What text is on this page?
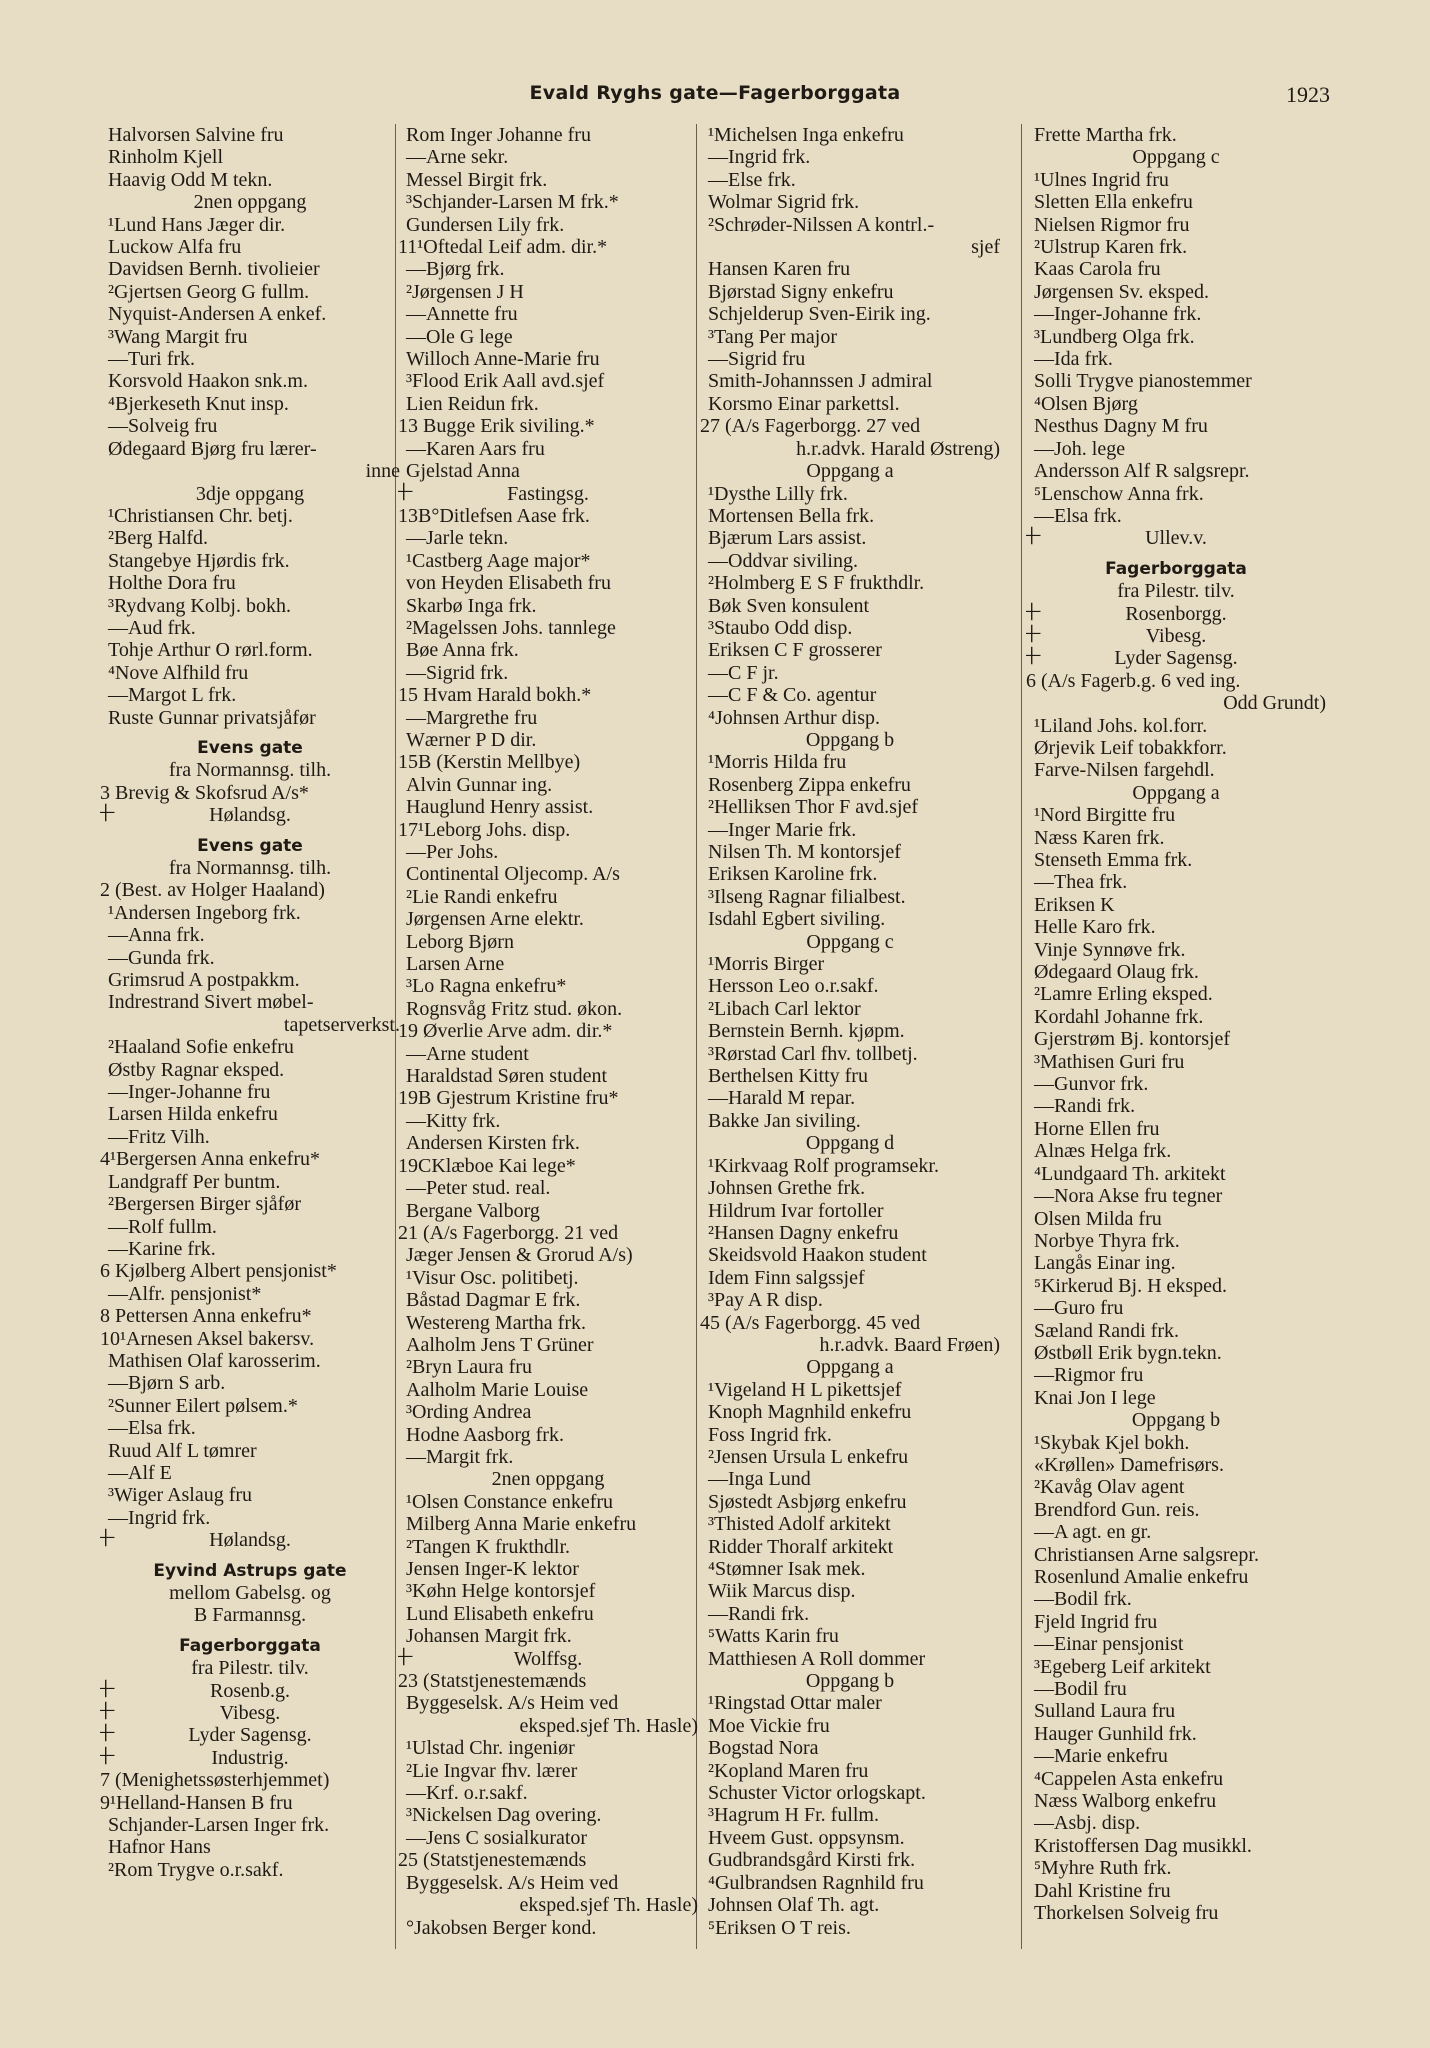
Evald Ryghs gate—Fagerborggata	1923
Halvorsen Salvine fru
Rinholm Kjell
Haavig Odd M tekn.
2nen oppgang
¹Lund Hans Jæger dir.
Luckow Alfa fru
Davidsen Bernh. tivolieier
²Gjertsen Georg G fullm.
Nyquist-Andersen A enkef.
³Wang Margit fru
—Turi frk.
Korsvold Haakon snk.m.
⁴Bjerkeseth Knut insp.
—Solveig fru
Ødegaard Bjørg fru lærer-
inne
3dje oppgang
¹Christiansen Chr. betj.
²Berg Halfd.
Stangebye Hjørdis frk.
Holthe Dora fru
³Rydvang Kolbj. bokh.
—Aud frk.
Tohje Arthur O rørl.form.
⁴Nove Alfhild fru
—Margot L frk.
Ruste Gunnar privatsjåfør
Evens gate
fra Normannsg. tilh.
3 Brevig & Skofsrud A/s*
+ Hølandsg.
Evens gate
fra Normannsg. tilh.
2 (Best. av Holger Haaland)
¹Andersen Ingeborg frk.
—Anna frk.
—Gunda frk.
Grimsrud A postpakkm.
Indrestrand Sivert møbel-
tapetserverkst.
²Haaland Sofie enkefru
Østby Ragnar eksped.
—Inger-Johanne fru
Larsen Hilda enkefru
—Fritz Vilh.
4¹Bergersen Anna enkefru*
Landgraff Per buntm.
²Bergersen Birger sjåfør
—Rolf fullm.
—Karine frk.
6 Kjølberg Albert pensjonist*
—Alfr. pensjonist*
8 Pettersen Anna enkefru*
10¹Arnesen Aksel bakersv.
Mathisen Olaf karosserim.
—Bjørn S arb.
²Sunner Eilert pølsem.*
—Elsa frk.
Ruud Alf L tømrer
—Alf E
³Wiger Aslaug fru
—Ingrid frk.
+ Hølandsg.
Eyvind Astrups gate
mellom Gabelsg. og
B Farmannsg.
Fagerborggata
fra Pilestr. tilv.
+ Rosenb.g.
+ Vibesg.
+ Lyder Sagensg.
+ Industrig.
7 (Menighetssøsterhjemmet)
9¹Helland-Hansen B fru
Schjander-Larsen Inger frk.
Hafnor Hans
²Rom Trygve o.r.sakf.
Rom Inger Johanne fru
—Arne sekr.
Messel Birgit frk.
³Schjander-Larsen M frk.*
Gundersen Lily frk.
11¹Oftedal Leif adm. dir.*
—Bjørg frk.
²Jørgensen J H
—Annette fru
—Ole G lege
Willoch Anne-Marie fru
³Flood Erik Aall avd.sjef
Lien Reidun frk.
13 Bugge Erik siviling.*
—Karen Aars fru
Gjelstad Anna
+ Fastingsg.
13B°Ditlefsen Aase frk.
—Jarle tekn.
¹Castberg Aage major*
von Heyden Elisabeth fru
Skarbø Inga frk.
²Magelssen Johs. tannlege
Bøe Anna frk.
—Sigrid frk.
15 Hvam Harald bokh.*
—Margrethe fru
Wærner P D dir.
15B (Kerstin Mellbye)
Alvin Gunnar ing.
Hauglund Henry assist.
17¹Leborg Johs. disp.
—Per Johs.
Continental Oljecomp. A/s
²Lie Randi enkefru
Jørgensen Arne elektr.
Leborg Bjørn
Larsen Arne
³Lo Ragna enkefru*
Rognsvåg Fritz stud. økon.
19 Øverlie Arve adm. dir.*
—Arne student
Haraldstad Søren student
19B Gjestrum Kristine fru*
—Kitty frk.
Andersen Kirsten frk.
19CKlæboe Kai lege*
—Peter stud. real.
Bergane Valborg
21 (A/s Fagerborgg. 21 ved
Jæger Jensen & Grorud A/s)
¹Visur Osc. politibetj.
Båstad Dagmar E frk.
Westereng Martha frk.
Aalholm Jens T Grüner
²Bryn Laura fru
Aalholm Marie Louise
³Ording Andrea
Hodne Aasborg frk.
—Margit frk.
2nen oppgang
¹Olsen Constance enkefru
Milberg Anna Marie enkefru
²Tangen K frukthdlr.
Jensen Inger-K lektor
³Køhn Helge kontorsjef
Lund Elisabeth enkefru
Johansen Margit frk.
+ Wolffsg.
23 (Statstjenestemænds
Byggeselsk. A/s Heim ved
eksped.sjef Th. Hasle)
¹Ulstad Chr. ingeniør
²Lie Ingvar fhv. lærer
—Krf. o.r.sakf.
³Nickelsen Dag overing.
—Jens C sosialkurator
25 (Statstjenestemænds
Byggeselsk. A/s Heim ved
eksped.sjef Th. Hasle)
°Jakobsen Berger kond.
¹Michelsen Inga enkefru
—Ingrid frk.
—Else frk.
Wolmar Sigrid frk.
²Schrøder-Nilssen A kontrl.-
sjef
Hansen Karen fru
Bjørstad Signy enkefru
Schjelderup Sven-Eirik ing.
³Tang Per major
—Sigrid fru
Smith-Johannssen J admiral
Korsmo Einar parkettsl.
27 (A/s Fagerborgg. 27 ved
h.r.advk. Harald Østreng)
Oppgang a
¹Dysthe Lilly frk.
Mortensen Bella frk.
Bjærum Lars assist.
—Oddvar siviling.
²Holmberg E S F frukthdlr.
Bøk Sven konsulent
³Staubo Odd disp.
Eriksen C F grosserer
—C F jr.
—C F & Co. agentur
⁴Johnsen Arthur disp.
Oppgang b
¹Morris Hilda fru
Rosenberg Zippa enkefru
²Helliksen Thor F avd.sjef
—Inger Marie frk.
Nilsen Th. M kontorsjef
Eriksen Karoline frk.
³Ilseng Ragnar filialbest.
Isdahl Egbert siviling.
Oppgang c
¹Morris Birger
Hersson Leo o.r.sakf.
²Libach Carl lektor
Bernstein Bernh. kjøpm.
³Rørstad Carl fhv. tollbetj.
Berthelsen Kitty fru
—Harald M repar.
Bakke Jan siviling.
Oppgang d
¹Kirkvaag Rolf programsekr.
Johnsen Grethe frk.
Hildrum Ivar fortoller
²Hansen Dagny enkefru
Skeidsvold Haakon student
Idem Finn salgssjef
³Pay A R disp.
45 (A/s Fagerborgg. 45 ved
h.r.advk. Baard Frøen)
Oppgang a
¹Vigeland H L pikettsjef
Knoph Magnhild enkefru
Foss Ingrid frk.
²Jensen Ursula L enkefru
—Inga Lund
Sjøstedt Asbjørg enkefru
³Thisted Adolf arkitekt
Ridder Thoralf arkitekt
⁴Stømner Isak mek.
Wiik Marcus disp.
—Randi frk.
⁵Watts Karin fru
Matthiesen A Roll dommer
Oppgang b
¹Ringstad Ottar maler
Moe Vickie fru
Bogstad Nora
²Kopland Maren fru
Schuster Victor orlogskapt.
³Hagrum H Fr. fullm.
Hveem Gust. oppsynsm.
Gudbrandsgård Kirsti frk.
⁴Gulbrandsen Ragnhild fru
Johnsen Olaf Th. agt.
⁵Eriksen O T reis.
Frette Martha frk.
Oppgang c
¹Ulnes Ingrid fru
Sletten Ella enkefru
Nielsen Rigmor fru
²Ulstrup Karen frk.
Kaas Carola fru
Jørgensen Sv. eksped.
—Inger-Johanne frk.
³Lundberg Olga frk.
—Ida frk.
Solli Trygve pianostemmer
⁴Olsen Bjørg
Nesthus Dagny M fru
—Joh. lege
Andersson Alf R salgsrepr.
⁵Lenschow Anna frk.
—Elsa frk.
+ Ullev.v.
Fagerborggata
fra Pilestr. tilv.
+ Rosenborgg.
+ Vibesg.
+ Lyder Sagensg.
6 (A/s Fagerb.g. 6 ved ing.
Odd Grundt)
¹Liland Johs. kol.forr.
Ørjevik Leif tobakkforr.
Farve-Nilsen fargehdl.
Oppgang a
¹Nord Birgitte fru
Næss Karen frk.
Stenseth Emma frk.
—Thea frk.
Eriksen K
Helle Karo frk.
Vinje Synnøve frk.
Ødegaard Olaug frk.
²Lamre Erling eksped.
Kordahl Johanne frk.
Gjerstrøm Bj. kontorsjef
³Mathisen Guri fru
—Gunvor frk.
—Randi frk.
Horne Ellen fru
Alnæs Helga frk.
⁴Lundgaard Th. arkitekt
—Nora Akse fru tegner
Olsen Milda fru
Norbye Thyra frk.
Langås Einar ing.
⁵Kirkerud Bj. H eksped.
—Guro fru
Sæland Randi frk.
Østbøll Erik bygn.tekn.
—Rigmor fru
Knai Jon I lege
Oppgang b
¹Skybak Kjel bokh.
«Krøllen» Damefrisørs.
²Kavåg Olav agent
Brendford Gun. reis.
—A agt. en gr.
Christiansen Arne salgsrepr.
Rosenlund Amalie enkefru
—Bodil frk.
Fjeld Ingrid fru
—Einar pensjonist
³Egeberg Leif arkitekt
—Bodil fru
Sulland Laura fru
Hauger Gunhild frk.
—Marie enkefru
⁴Cappelen Asta enkefru
Næss Walborg enkefru
—Asbj. disp.
Kristoffersen Dag musikkl.
⁵Myhre Ruth frk.
Dahl Kristine fru
Thorkelsen Solveig fru
